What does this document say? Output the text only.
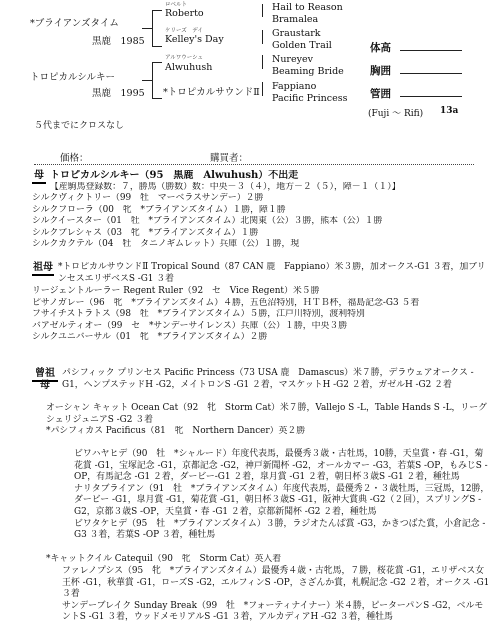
*ブライアンズタイム
黒鹿　1985
トロピカルシルキー
黒鹿　1995
ロベルト
Roberto
ケリーズ　デイ
Kelley's Day
アルワウーシュ
Alwuhush
*トロピカルサウンドⅡ
Hail to Reason
Bramalea
Graustark
Golden Trail
Nureyev
Beaming Bride
Fappiano
Pacific Princess
体高
胸囲
管囲
(Fuji ～ Rifi) 13a
５代までにクロスなし
価格：	購買者：
母 トロピカルシルキー（95　黒鹿　Alwuhush）不出走
【産駒馬登録数：７，勝馬（勝数）数：中央－３（４），地方－２（５），障－１（１）】
シルクヴィクトリー（99　牡　マーベラスサンデー）２勝
シルクフローラ（00　牝　*ブライアンズタイム）１勝，障１勝
シルクイースター（01　牡　*ブライアンズタイム）北関東（公）３勝，熊本（公）１勝
シルクプレシャス（03　牝　*ブライアンズタイム）１勝
シルクカクテル（04　牡　タニノギムレット）兵庫（公）１勝，現
祖母 *トロピカルサウンドⅡ Tropical Sound（87 CAN 鹿　Fappiano）米３勝，加オークス-G1 ３着，加ブリンセスエリザベスS -G1 ３着
リージェントルーラー Regent Ruler（92　セ　Vice Regent）米５勝
ピサノガレー（96　牝　*ブライアンズタイム）４勝，五色沼特別，ＨＴＢ杯，福島記念-G3 ５着
フサイチストラトス（98　牡　*ブライアンズタイム）５勝，江戸川特別，渡利特別
バアゼルティオー（99　セ　*サンデーサイレンス）兵庫（公）１勝，中央３勝
シルクユニバーサル（01　牝　*ブライアンズタイム）２勝
曾祖母
パシフィック プリンセス Pacific Princess（73 USA 鹿　Damascus）米７勝，デラウェアオークス -G1，ヘンプステッドH -G2，メイトロンS -G1 ２着，マスケットH -G2 ２着，ガゼルH -G2 ２着
オーシャン キャット Ocean Cat（92　牝　Storm Cat）米７勝，Vallejo S -L，Table Hands S -L，リーグシェリジュニアS -G2 ３着
*パシフィカス Pacificus（81　牝　Northern Dancer）英２勝
ビワハヤヒデ（90　牡　*シャルード）年度代表馬，最優秀３歳・古牡馬，10勝，天皇賞・春 -G1，菊花賞 -G1，宝塚記念 -G1，京都記念 -G2，神戸新聞杯 -G2，オールカマー -G3，若葉S -OP，もみじS -OP，有馬記念 -G1 ２着，ダービー-G1 ２着，皐月賞 -G1 ２着，朝日杯３歳S -G1 ２着，種牡馬
ナリタブライアン（91　牡　*ブライアンズタイム）年度代表馬，最優秀２・３歳牡馬，三冠馬，12勝，ダービー -G1，皐月賞 -G1，菊花賞 -G1，朝日杯３歳S -G1，阪神大賞典 -G2（２回），スプリングS -G2，京都３歳S -OP，天皇賞・春 -G1 ２着，京都新聞杯 -G2 ２着，種牡馬
ビワタケヒデ（95　牡　*ブライアンズタイム）３勝，ラジオたんぱ賞 -G3，かきつばた賞，小倉記念 -G3 ３着，若葉S -OP ３着，種牡馬
*キャットクイル Catequil（90　牝　Storm Cat）英入着
ファレノプシス（95　牝　*ブライアンズタイム）最優秀４歳・古牝馬，７勝，桜花賞 -G1，エリザベス女王杯 -G1，秋華賞 -G1，ローズS -G2，エルフィンS -OP，さざんか賞，札幌記念 -G2 ２着，オークス -G1 ３着
サンデーブレイク Sunday Break（99　牡　*フォーティナイナー）米４勝，ピーターパンS -G2，ベルモントS -G1 ３着，ウッドメモリアルS -G1 ３着，アルカディアH -G2 ３着，種牡馬
